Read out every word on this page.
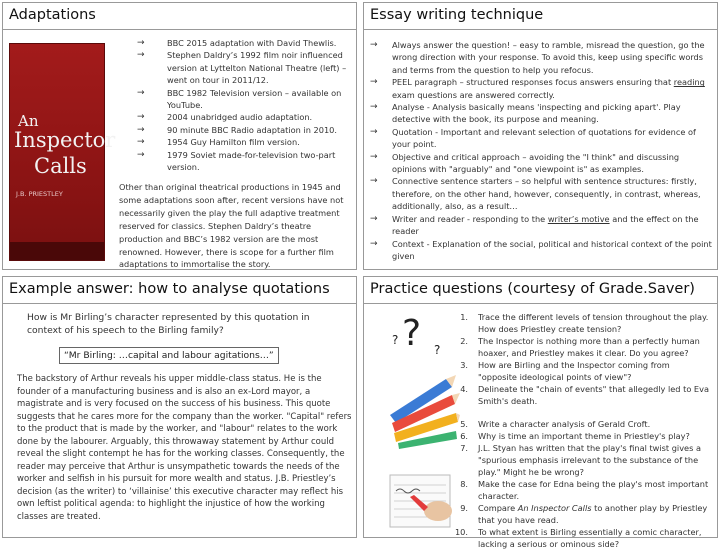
Adaptations
An
Inspector
Calls
J.B. PRIESTLEY
→ BBC 2015 adaptation with David Thewlis.
→ Stephen Daldry’s 1992 film noir influenced version at Lyttelton National Theatre (left) – went on tour in 2011/12.
→ BBC 1982 Television version – available on YouTube.
→ 2004 unabridged audio adaptation.
→ 90 minute BBC Radio adaptation in 2010.
→ 1954 Guy Hamilton film version.
→ 1979 Soviet made-for-television two-part version.

Other than original theatrical productions in 1945 and some adaptations soon after, recent versions have not necessarily given the play the full adaptive treatment reserved for classics. Stephen Daldry’s theatre production and BBC’s 1982 version are the most renowned. However, there is scope for a further film adaptations to immortalise the story.

Essay writing technique
→ Always answer the question! – easy to ramble, misread the question, go the wrong direction with your response. To avoid this, keep using specific words and terms from the question to help you refocus.
→ PEEL paragraph – structured responses focus answers ensuring that reading exam questions are answered correctly.
→ Analyse - Analysis basically means 'inspecting and picking apart'. Play detective with the book, its purpose and meaning.
→ Quotation - Important and relevant selection of quotations for evidence of your point.
→ Objective and critical approach – avoiding the "I think" and discussing opinions with "arguably" and "one viewpoint is" as examples.
→ Connective sentence starters – so helpful with sentence structures: firstly, therefore, on the other hand, however, consequently, in contrast, whereas, additionally, also, as a result…
→ Writer and reader - responding to the writer’s motive and the effect on the reader
→ Context - Explanation of the social, political and historical context of the point given
Example answer: how to analyse quotations

How is Mr Birling’s character represented by this quotation in context of his speech to the Birling family?

“Mr Birling: …capital and labour agitations…”

The backstory of Arthur reveals his upper middle-class status. He is the founder of a manufacturing business and is also an ex-Lord mayor, a magistrate and is very focused on the success of his business. This quote suggests that he cares more for the company than the worker. "Capital" refers to the product that is made by the worker, and "labour" relates to the work done by the labourer. Arguably, this throwaway statement by Arthur could reveal the slight contempt he has for the working classes. Consequently, the reader may perceive that Arthur is unsympathetic towards the needs of the worker and selfish in his pursuit for more wealth and status. J.B. Priestley’s decision (as the writer) to ‘villainise’ this executive character may reflect his own leftist political agenda: to highlight the injustice of how the working classes are treated.

Practice questions (courtesy of Grade.Saver)
? ? ?
1. Trace the different levels of tension throughout the play. How does Priestley create tension?
2. The Inspector is nothing more than a perfectly human hoaxer, and Priestley makes it clear. Do you agree?
3. How are Birling and the Inspector coming from "opposite ideological points of view"?
4. Delineate the "chain of events" that allegedly led to Eva Smith's death.
5. Write a character analysis of Gerald Croft.
6. Why is time an important theme in Priestley's play?
7. J.L. Styan has written that the play's final twist gives a "spurious emphasis irrelevant to the substance of the play." Might he be wrong?
8. Make the case for Edna being the play's most important character.
9. Compare An Inspector Calls to another play by Priestley that you have read.
10. To what extent is Birling essentially a comic character, lacking a serious or ominous side?
